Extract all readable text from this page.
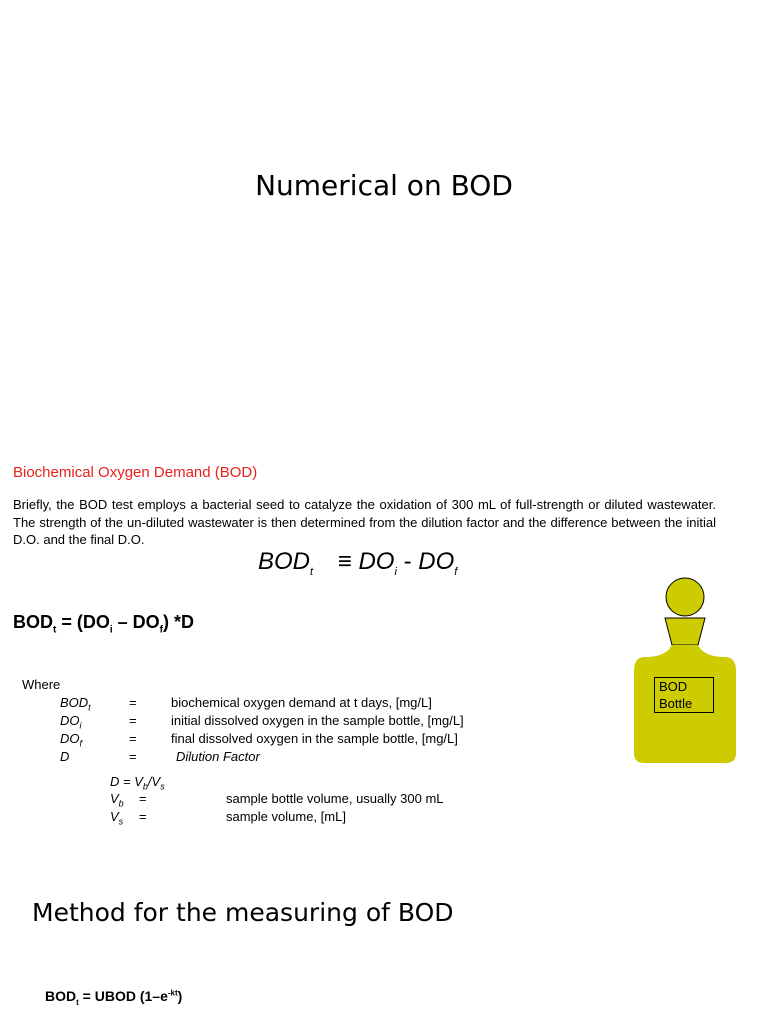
Numerical on BOD
Biochemical Oxygen Demand (BOD)
Briefly, the BOD test employs a bacterial seed to catalyze the oxidation of 300 mL of full-strength or diluted wastewater. The strength of the un-diluted wastewater is then determined from the dilution factor and the difference between the initial D.O. and the final D.O.
$BOD_t \equiv DO_i - DO_f$
$BOD_t = (DO_i - DO_f)$ *D
Where
$BOD_t$	=	biochemical oxygen demand at t days, [mg/L]
$DO_i$	=	initial dissolved oxygen in the sample bottle, [mg/L]
$DO_f$	=	final dissolved oxygen in the sample bottle, [mg/L]
D	=	Dilution Factor
$D = V_b/V_s$
$V_b$ =	sample bottle volume, usually 300 mL
$V_s$ =	sample volume, [mL]
BOD
Bottle
Method for the measuring of BOD
$BOD_t$ = UBOD $(1-e^{-kt})$
